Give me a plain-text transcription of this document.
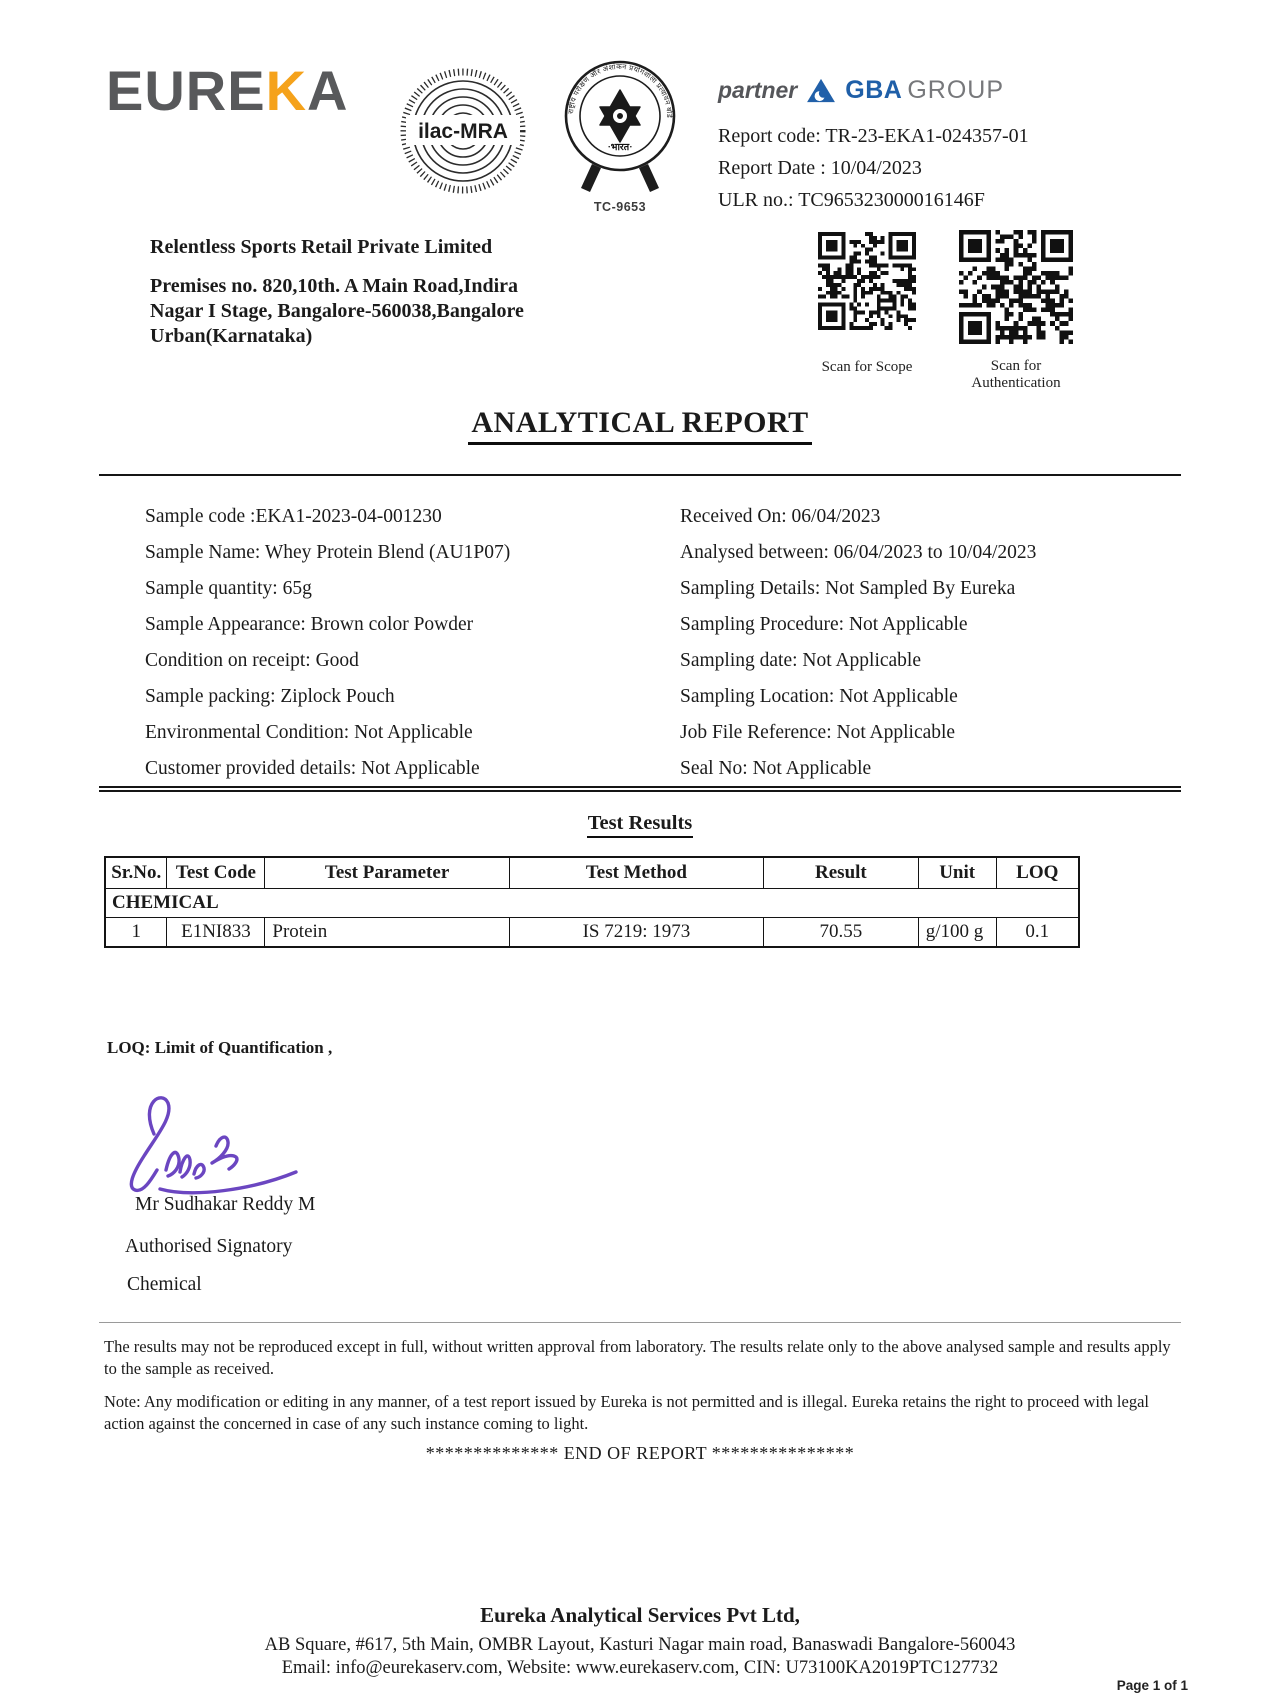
EUREKA
ilac-MRA
राष्ट्रीय परीक्षण और अंशांकन प्रयोगशाला प्रत्यायन बोर्ड
·भारत·
TC-9653
partner GBA GROUP
Report code: TR-23-EKA1-024357-01
Report Date : 10/04/2023
ULR no.: TC965323000016146F
Relentless Sports Retail Private Limited
Premises no. 820,10th. A Main Road,Indira Nagar I Stage, Bangalore-560038,Bangalore Urban(Karnataka)
Scan for Scope	Scan for Authentication
ANALYTICAL REPORT
Sample code :EKA1-2023-04-001230
Sample Name: Whey Protein Blend (AU1P07)
Sample quantity: 65g
Sample Appearance: Brown color Powder
Condition on receipt: Good
Sample packing: Ziplock Pouch
Environmental Condition: Not Applicable
Customer provided details: Not Applicable
Received On: 06/04/2023
Analysed between: 06/04/2023 to 10/04/2023
Sampling Details: Not Sampled By Eureka
Sampling Procedure: Not Applicable
Sampling date: Not Applicable
Sampling Location: Not Applicable
Job File Reference: Not Applicable
Seal No: Not Applicable
Test Results
Sr.No.	Test Code	Test Parameter	Test Method	Result	Unit	LOQ
CHEMICAL						
1	E1NI833	Protein	IS 7219: 1973	70.55	g/100 g	0.1
LOQ: Limit of Quantification ,
Mr Sudhakar Reddy M
Authorised Signatory
Chemical

The results may not be reproduced except in full, without written approval from laboratory. The results relate only to the above analysed sample and results apply to the sample as received.

Note: Any modification or editing in any manner, of a test report issued by Eureka is not permitted and is illegal. Eureka retains the right to proceed with legal action against the concerned in case of any such instance coming to light.

************** END OF REPORT ***************
Eureka Analytical Services Pvt Ltd,
AB Square, #617, 5th Main, OMBR Layout, Kasturi Nagar main road, Banaswadi Bangalore-560043
Email: info@eurekaserv.com, Website: www.eurekaserv.com, CIN: U73100KA2019PTC127732
Page 1 of 1
